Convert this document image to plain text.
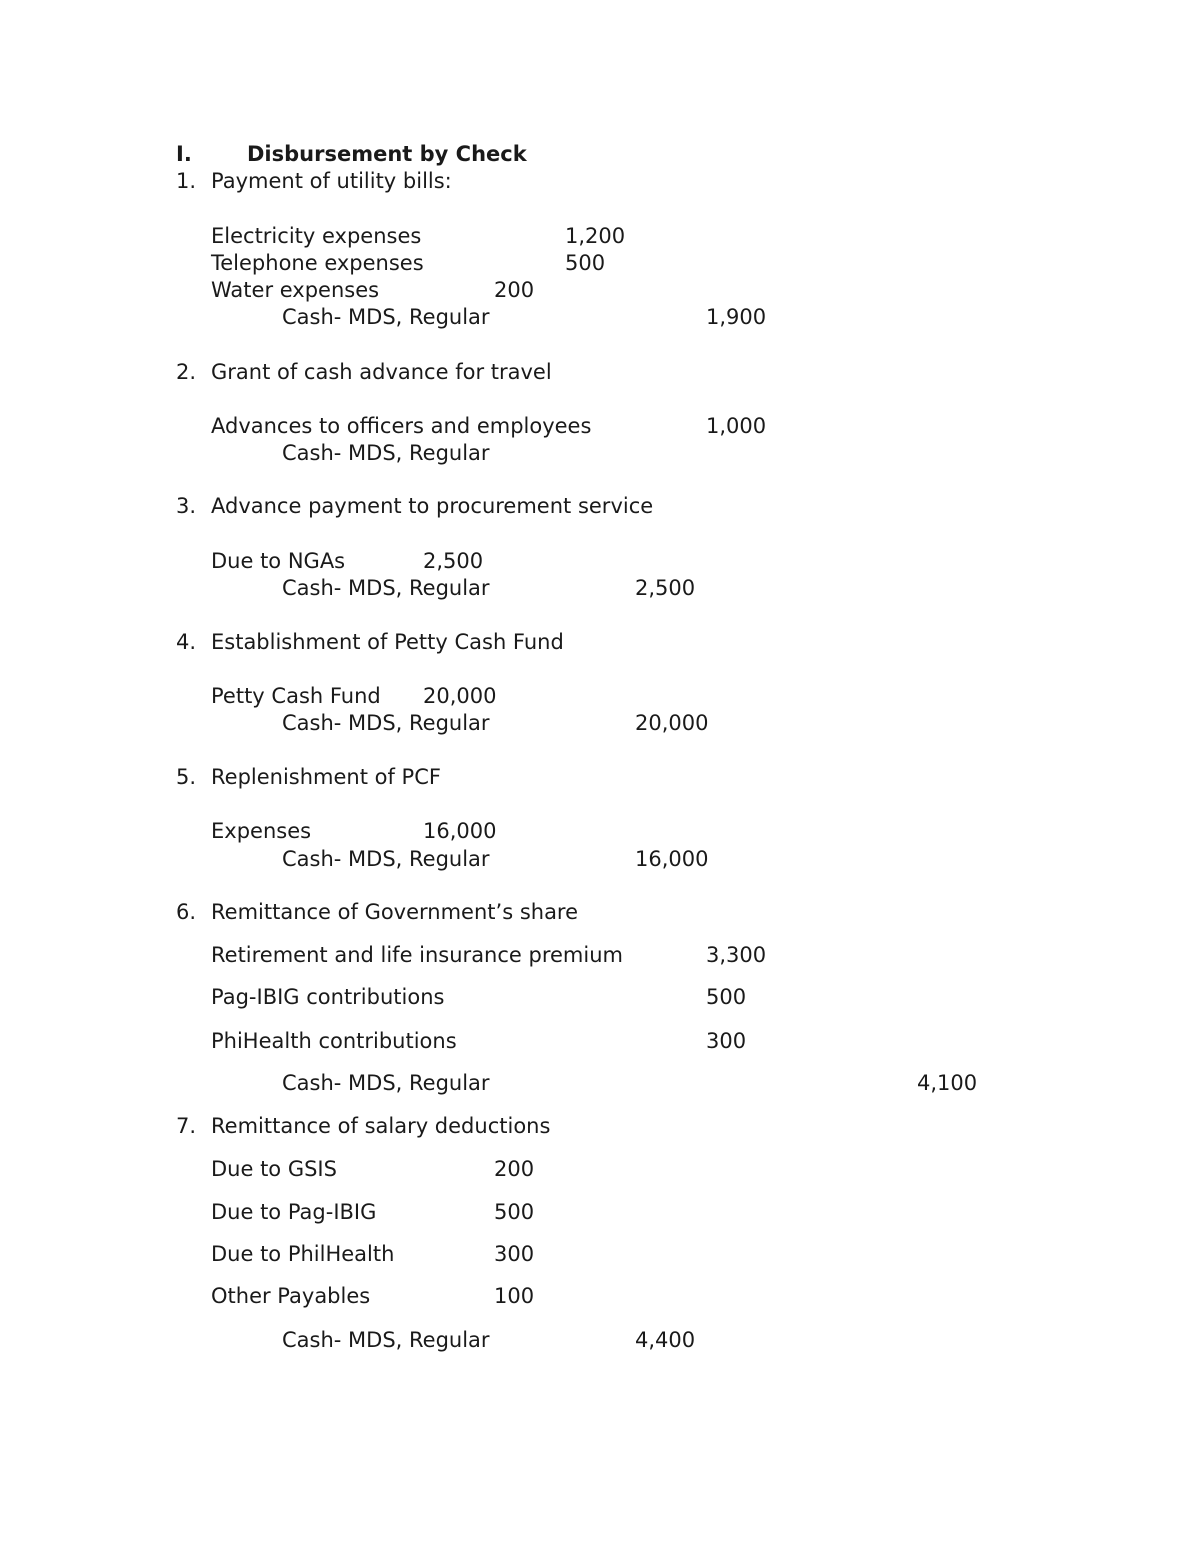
I.	Disbursement by Check
1. Payment of utility bills:
Electricity expenses	1,200
Telephone expenses	500
Water expenses	200
Cash- MDS, Regular	1,900
2. Grant of cash advance for travel
Advances to officers and employees	1,000
Cash- MDS, Regular
3. Advance payment to procurement service
Due to NGAs	2,500
Cash- MDS, Regular	2,500
4. Establishment of Petty Cash Fund
Petty Cash Fund 20,000
Cash- MDS, Regular	20,000
5. Replenishment of PCF
Expenses	16,000
Cash- MDS, Regular	16,000
6. Remittance of Government’s share
Retirement and life insurance premium	3,300
Pag-IBIG contributions	500
PhiHealth contributions	300
Cash- MDS, Regular	4,100
7. Remittance of salary deductions
Due to GSIS	200
Due to Pag-IBIG	500
Due to PhilHealth	300
Other Payables	100
Cash- MDS, Regular	4,400
